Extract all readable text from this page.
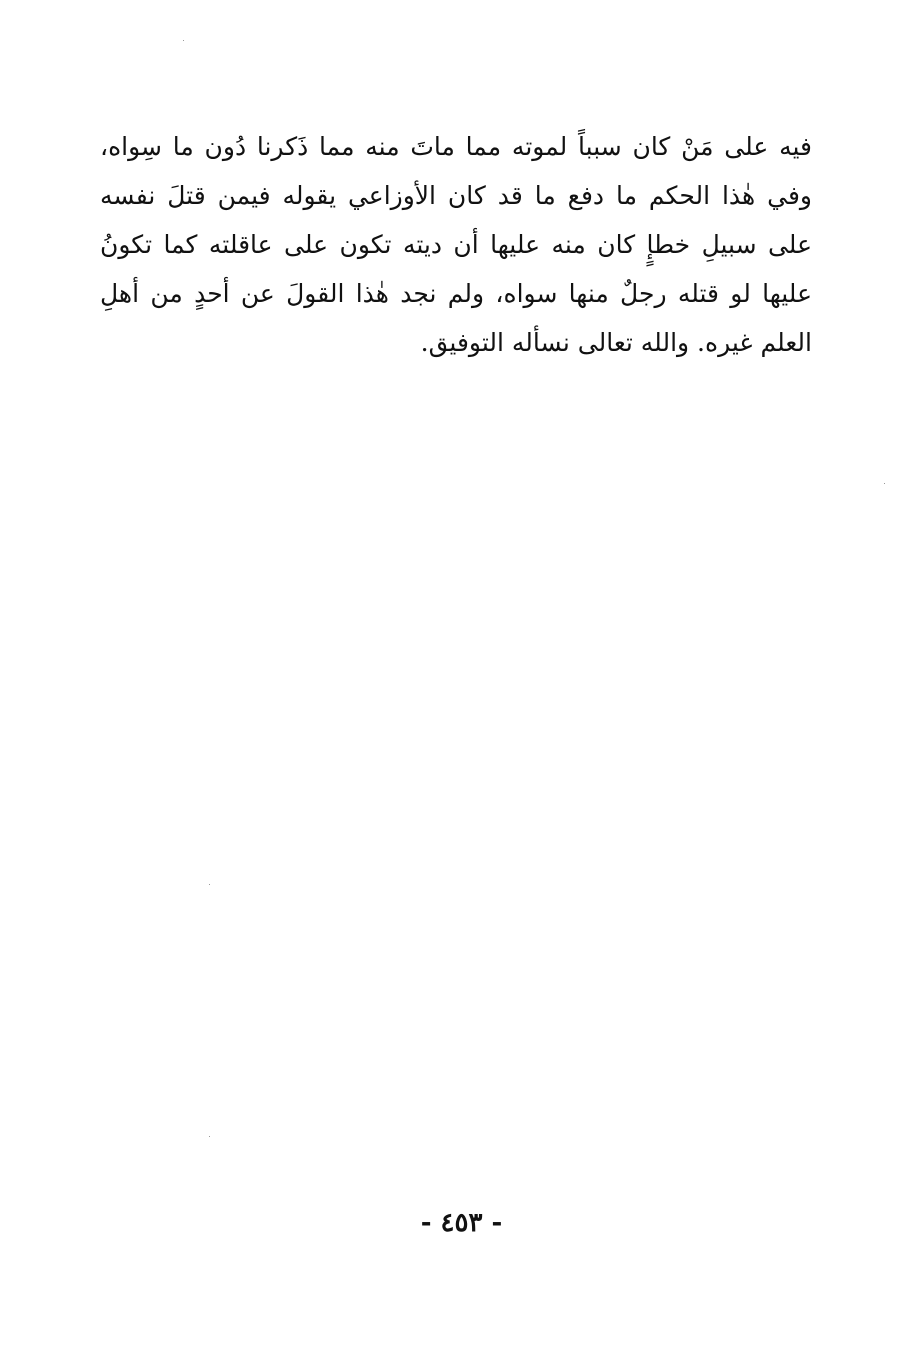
فيه على مَنْ كان سبباً لموته مما ماتَ منه مما ذَكرنا دُون ما سِواه،
وفي هٰذا الحكم ما دفع ما قد كان الأوزاعي يقوله فيمن قتلَ نفسه
على سبيلِ خطإٍ كان منه عليها أن ديته تكون على عاقلته كما تكونُ
عليها لو قتله رجلٌ منها سواه، ولم نجد هٰذا القولَ عن أحدٍ من أهلِ
العلم غيره. والله تعالى نسأله التوفيق.
- ٤٥٣ -
